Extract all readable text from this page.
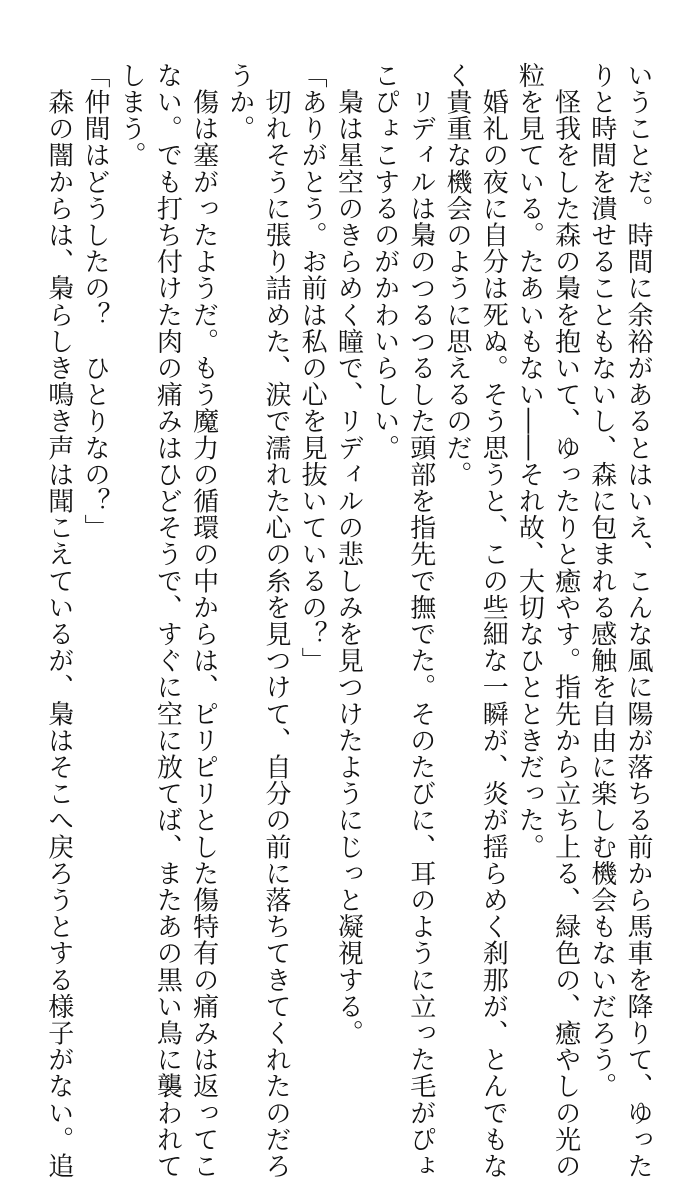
いうことだ。時間に余裕があるとはいえ、こんな風に陽が落ちる前から馬車を降りて、ゆった
りと時間を潰せることもないし、森に包まれる感触を自由に楽しむ機会もないだろう。
　怪我をした森の梟を抱いて、ゆったりと癒やす。指先から立ち上る、緑色の、癒やしの光の
粒を見ている。たあいもない――それ故、大切なひとときだった。
　婚礼の夜に自分は死ぬ。そう思うと、この些細な一瞬が、炎が揺らめく刹那が、とんでもな
く貴重な機会のように思えるのだ。
　リディルは梟のつるつるした頭部を指先で撫でた。そのたびに、耳のように立った毛がぴょ
こぴょこするのがかわいらしい。
　梟は星空のきらめく瞳で、リディルの悲しみを見つけたようにじっと凝視する。
「ありがとう。お前は私の心を見抜いているの？」
　切れそうに張り詰めた、涙で濡れた心の糸を見つけて、自分の前に落ちてきてくれたのだろ
うか。
　傷は塞がったようだ。もう魔力の循環の中からは、ピリピリとした傷特有の痛みは返ってこ
ない。でも打ち付けた肉の痛みはひどそうで、すぐに空に放てば、またあの黒い鳥に襲われて
しまう。
「仲間はどうしたの？　ひとりなの？」
　森の闇からは、梟らしき鳴き声は聞こえているが、梟はそこへ戻ろうとする様子がない。追
